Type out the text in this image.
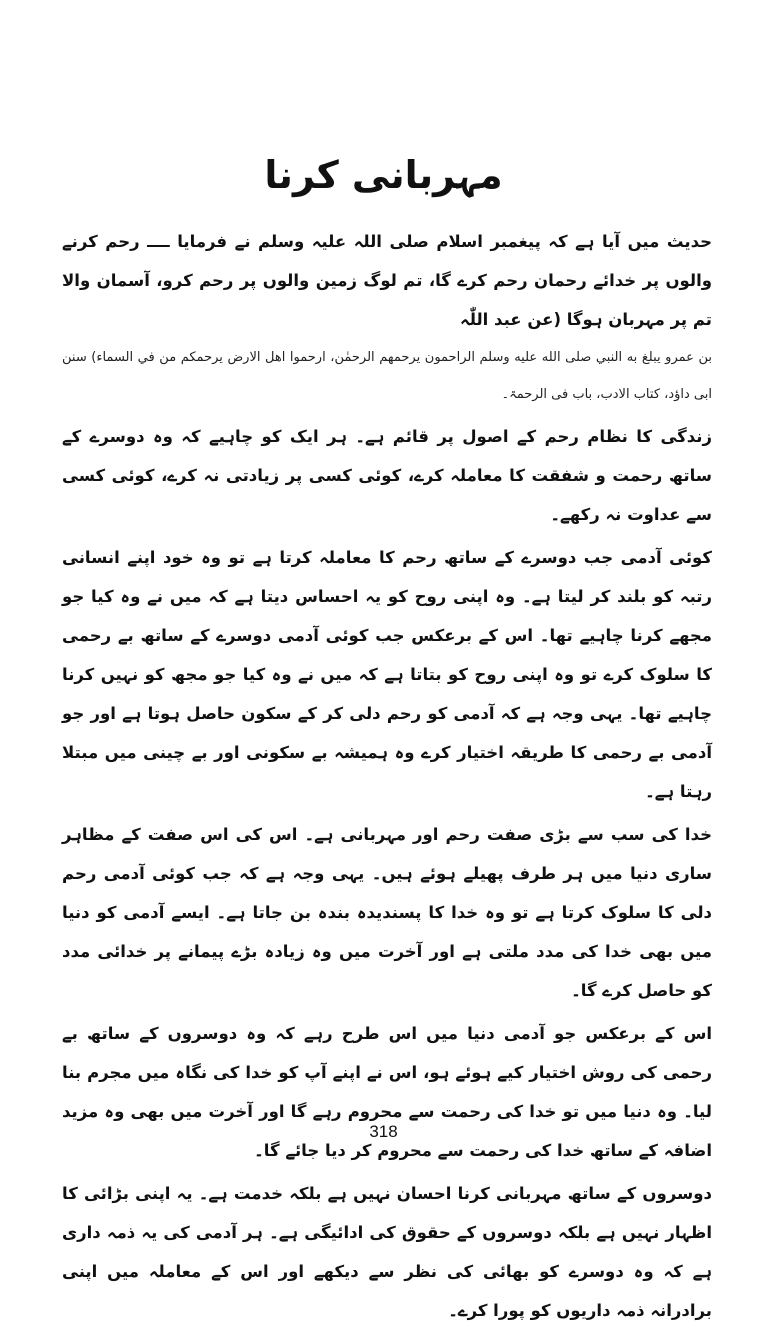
مہربانی کرنا

حدیث میں آیا ہے کہ پیغمبر اسلام صلی اللہ علیہ وسلم نے فرمایا ــــ رحم کرنے والوں پر خدائے رحمان رحم کرے گا، تم لوگ زمین والوں پر رحم کرو، آسمان والا تم پر مہربان ہوگا (عن عبد اللّٰہ

بن عمرو يبلغ به النبي صلى الله عليه وسلم الراحمون يرحمهم الرحمٰن، ارحموا اهل الارض يرحمكم من في السماء) سنن ابی داؤد، کتاب الادب، باب فی الرحمۃ۔

زندگی کا نظام رحم کے اصول پر قائم ہے۔ ہر ایک کو چاہیے کہ وہ دوسرے کے ساتھ رحمت و شفقت کا معاملہ کرے، کوئی کسی پر زیادتی نہ کرے، کوئی کسی سے عداوت نہ رکھے۔

کوئی آدمی جب دوسرے کے ساتھ رحم کا معاملہ کرتا ہے تو وہ خود اپنے انسانی رتبہ کو بلند کر لیتا ہے۔ وہ اپنی روح کو یہ احساس دیتا ہے کہ میں نے وہ کیا جو مجھے کرنا چاہیے تھا۔ اس کے برعکس جب کوئی آدمی دوسرے کے ساتھ بے رحمی کا سلوک کرے تو وہ اپنی روح کو بتاتا ہے کہ میں نے وہ کیا جو مجھ کو نہیں کرنا چاہیے تھا۔ یہی وجہ ہے کہ آدمی کو رحم دلی کر کے سکون حاصل ہوتا ہے اور جو آدمی بے رحمی کا طریقہ اختیار کرے وہ ہمیشہ بے سکونی اور بے چینی میں مبتلا رہتا ہے۔

خدا کی سب سے بڑی صفت رحم اور مہربانی ہے۔ اس کی اس صفت کے مظاہر ساری دنیا میں ہر طرف پھیلے ہوئے ہیں۔ یہی وجہ ہے کہ جب کوئی آدمی رحم دلی کا سلوک کرتا ہے تو وہ خدا کا پسندیدہ بندہ بن جاتا ہے۔ ایسے آدمی کو دنیا میں بھی خدا کی مدد ملتی ہے اور آخرت میں وہ زیادہ بڑے پیمانے پر خدائی مدد کو حاصل کرے گا۔

اس کے برعکس جو آدمی دنیا میں اس طرح رہے کہ وہ دوسروں کے ساتھ بے رحمی کی روش اختیار کیے ہوئے ہو، اس نے اپنے آپ کو خدا کی نگاہ میں مجرم بنا لیا۔ وہ دنیا میں تو خدا کی رحمت سے محروم رہے گا اور آخرت میں بھی وہ مزید اضافہ کے ساتھ خدا کی رحمت سے محروم کر دیا جائے گا۔

دوسروں کے ساتھ مہربانی کرنا احسان نہیں ہے بلکہ خدمت ہے۔ یہ اپنی بڑائی کا اظہار نہیں ہے بلکہ دوسروں کے حقوق کی ادائیگی ہے۔ ہر آدمی کی یہ ذمہ داری ہے کہ وہ دوسرے کو بھائی کی نظر سے دیکھے اور اس کے معاملہ میں اپنی برادرانہ ذمہ داریوں کو پورا کرے۔

318
